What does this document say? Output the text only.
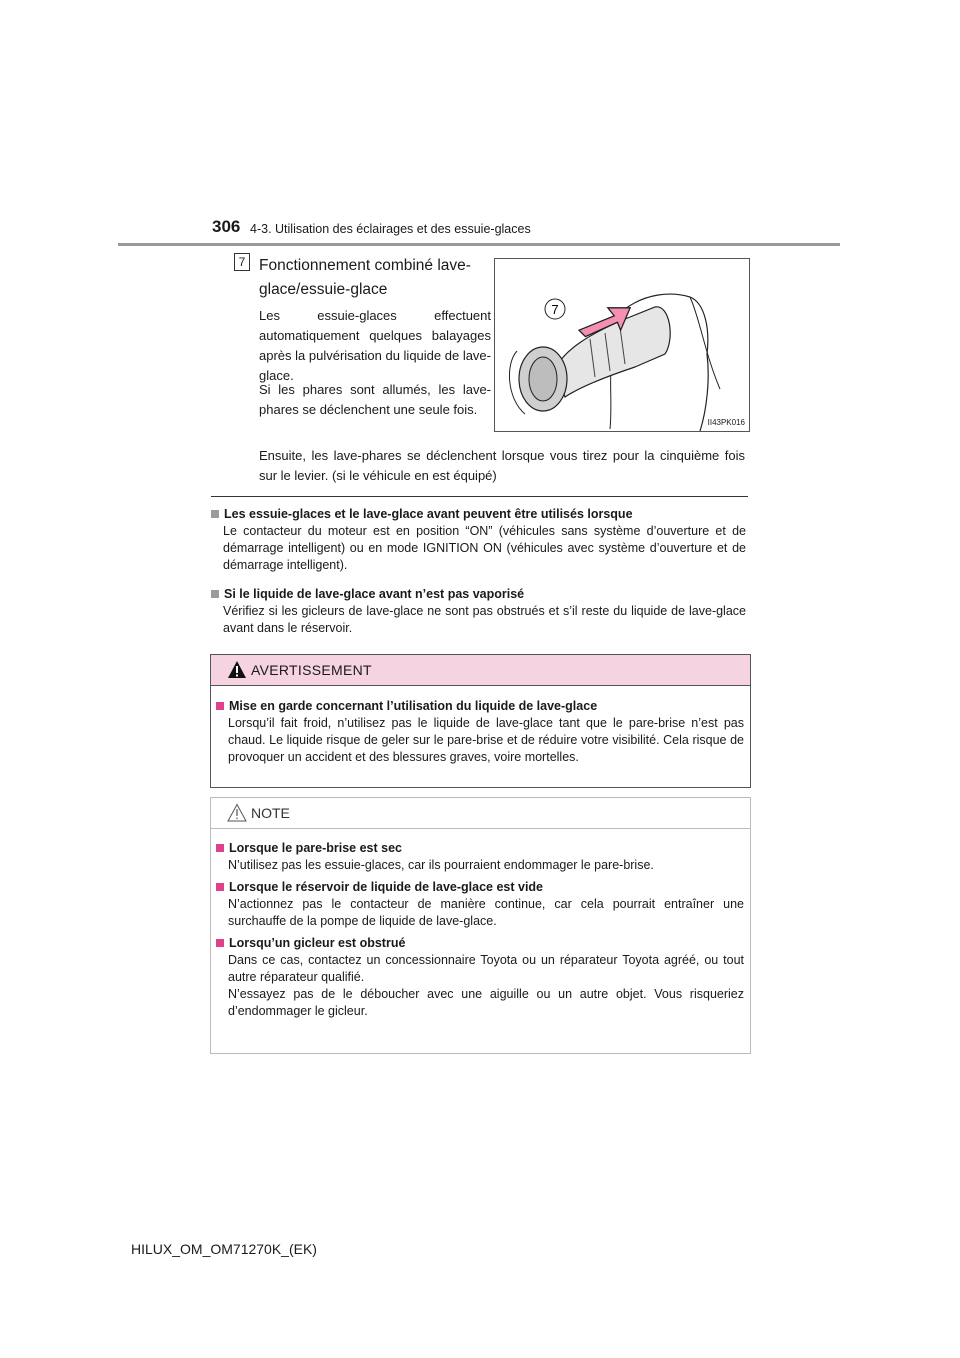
306 4-3. Utilisation des éclairages et des essuie-glaces
7 Fonctionnement combiné lave-glace/essuie-glace
Les essuie-glaces effectuent automatiquement quelques balayages après la pulvérisation du liquide de lave-glace.
Si les phares sont allumés, les lave-phares se déclenchent une seule fois.
Ensuite, les lave-phares se déclenchent lorsque vous tirez pour la cinquième fois sur le levier. (si le véhicule en est équipé)
7
II43PK016
Les essuie-glaces et le lave-glace avant peuvent être utilisés lorsque
Le contacteur du moteur est en position “ON” (véhicules sans système d’ouverture et de démarrage intelligent) ou en mode IGNITION ON (véhicules avec système d’ouverture et de démarrage intelligent).
Si le liquide de lave-glace avant n’est pas vaporisé
Vérifiez si les gicleurs de lave-glace ne sont pas obstrués et s’il reste du liquide de lave-glace avant dans le réservoir.
AVERTISSEMENT
Mise en garde concernant l’utilisation du liquide de lave-glace
Lorsqu’il fait froid, n’utilisez pas le liquide de lave-glace tant que le pare-brise n’est pas chaud. Le liquide risque de geler sur le pare-brise et de réduire votre visibilité. Cela risque de provoquer un accident et des blessures graves, voire mortelles.
NOTE
Lorsque le pare-brise est sec
N’utilisez pas les essuie-glaces, car ils pourraient endommager le pare-brise.
Lorsque le réservoir de liquide de lave-glace est vide
N’actionnez pas le contacteur de manière continue, car cela pourrait entraîner une surchauffe de la pompe de liquide de lave-glace.
Lorsqu’un gicleur est obstrué
Dans ce cas, contactez un concessionnaire Toyota ou un réparateur Toyota agréé, ou tout autre réparateur qualifié.
N’essayez pas de le déboucher avec une aiguille ou un autre objet. Vous risqueriez d’endommager le gicleur.
HILUX_OM_OM71270K_(EK)
